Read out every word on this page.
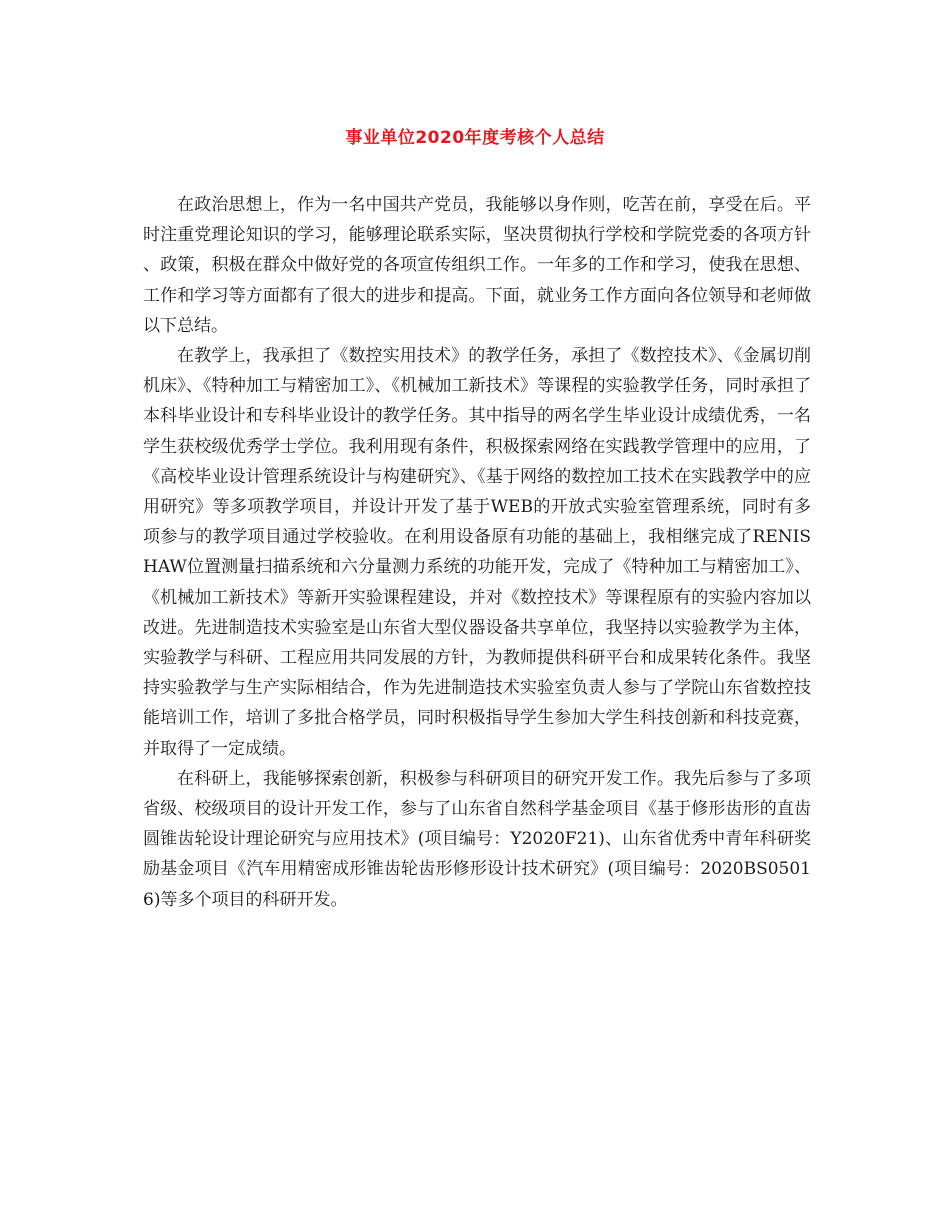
事业单位2020年度考核个人总结

在政治思想上，作为一名中国共产党员，我能够以身作则，吃苦在前，享受在后。平时注重党理论知识的学习，能够理论联系实际，坚决贯彻执行学校和学院党委的各项方针、政策，积极在群众中做好党的各项宣传组织工作。一年多的工作和学习，使我在思想、工作和学习等方面都有了很大的进步和提高。下面，就业务工作方面向各位领导和老师做以下总结。

在教学上，我承担了《数控实用技术》的教学任务，承担了《数控技术》、《金属切削机床》、《特种加工与精密加工》、《机械加工新技术》等课程的实验教学任务，同时承担了本科毕业设计和专科毕业设计的教学任务。其中指导的两名学生毕业设计成绩优秀，一名学生获校级优秀学士学位。我利用现有条件，积极探索网络在实践教学管理中的应用，了《高校毕业设计管理系统设计与构建研究》、《基于网络的数控加工技术在实践教学中的应用研究》等多项教学项目，并设计开发了基于WEB的开放式实验室管理系统，同时有多项参与的教学项目通过学校验收。在利用设备原有功能的基础上，我相继完成了RENISHAW位置测量扫描系统和六分量测力系统的功能开发，完成了《特种加工与精密加工》、《机械加工新技术》等新开实验课程建设，并对《数控技术》等课程原有的实验内容加以改进。先进制造技术实验室是山东省大型仪器设备共享单位，我坚持以实验教学为主体，实验教学与科研、工程应用共同发展的方针，为教师提供科研平台和成果转化条件。我坚持实验教学与生产实际相结合，作为先进制造技术实验室负责人参与了学院山东省数控技能培训工作，培训了多批合格学员，同时积极指导学生参加大学生科技创新和科技竞赛，并取得了一定成绩。

在科研上，我能够探索创新，积极参与科研项目的研究开发工作。我先后参与了多项省级、校级项目的设计开发工作，参与了山东省自然科学基金项目《基于修形齿形的直齿圆锥齿轮设计理论研究与应用技术》(项目编号：Y2020F21)、山东省优秀中青年科研奖励基金项目《汽车用精密成形锥齿轮齿形修形设计技术研究》(项目编号：2020BS05016)等多个项目的科研开发。
